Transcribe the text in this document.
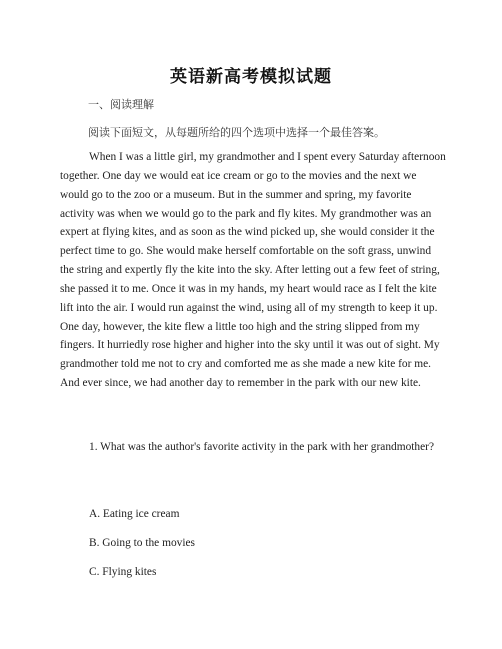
英语新高考模拟试题
一、阅读理解
阅读下面短文，从每题所给的四个选项中选择一个最佳答案。

When I was a little girl, my grandmother and I spent every Saturday afternoon together. One day we would eat ice cream or go to the movies and the next we would go to the zoo or a museum. But in the summer and spring, my favorite activity was when we would go to the park and fly kites. My grandmother was an expert at flying kites, and as soon as the wind picked up, she would consider it the perfect time to go. She would make herself comfortable on the soft grass, unwind the string and expertly fly the kite into the sky. After letting out a few feet of string, she passed it to me. Once it was in my hands, my heart would race as I felt the kite lift into the air. I would run against the wind, using all of my strength to keep it up. One day, however, the kite flew a little too high and the string slipped from my fingers. It hurriedly rose higher and higher into the sky until it was out of sight. My grandmother told me not to cry and comforted me as she made a new kite for me. And ever since, we had another day to remember in the park with our new kite.

1. What was the author's favorite activity in the park with her grandmother?

A. Eating ice cream
B. Going to the movies
C. Flying kites
